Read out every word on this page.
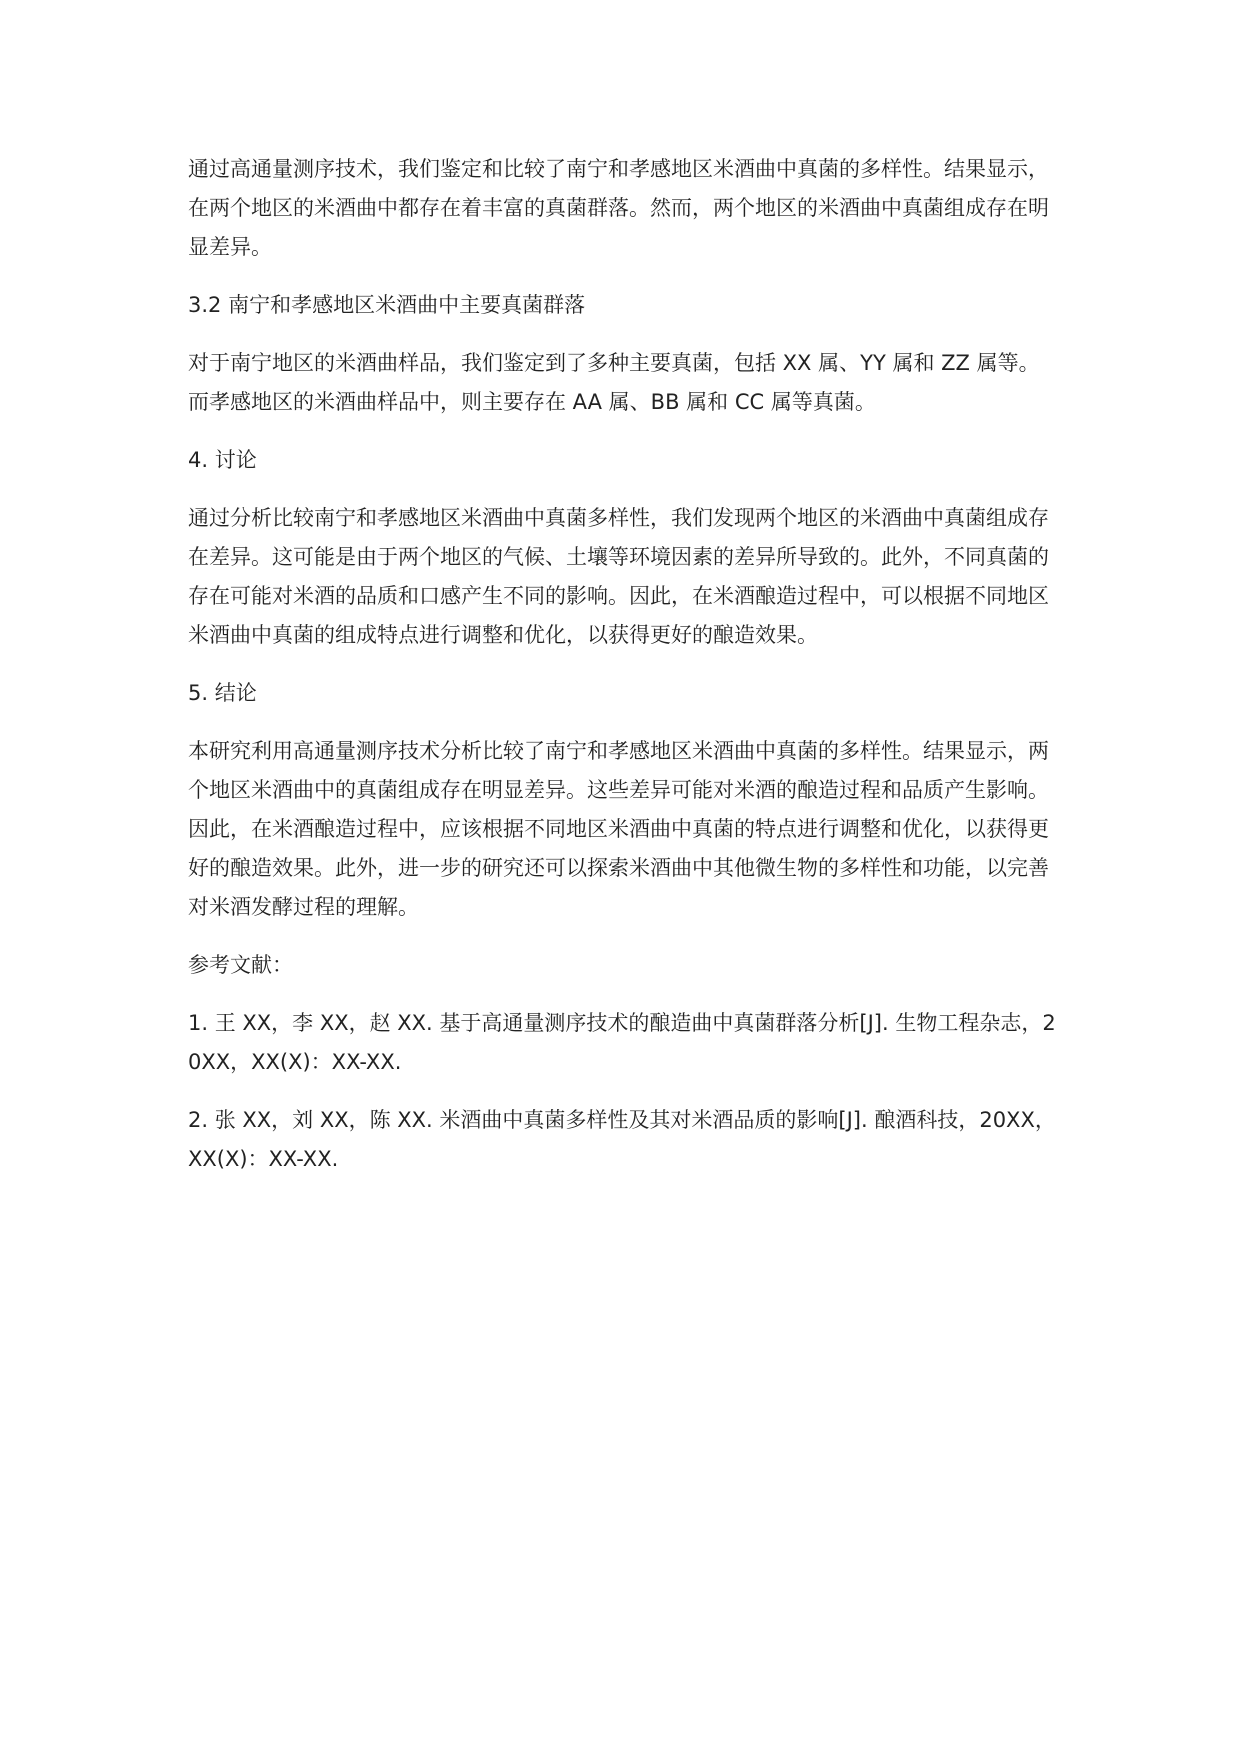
通过高通量测序技术，我们鉴定和比较了南宁和孝感地区米酒曲中真菌的多样性。结果显示，在两个地区的米酒曲中都存在着丰富的真菌群落。然而，两个地区的米酒曲中真菌组成存在明显差异。

3.2 南宁和孝感地区米酒曲中主要真菌群落

对于南宁地区的米酒曲样品，我们鉴定到了多种主要真菌，包括 XX 属、YY 属和 ZZ 属等。而孝感地区的米酒曲样品中，则主要存在 AA 属、BB 属和 CC 属等真菌。

4. 讨论

通过分析比较南宁和孝感地区米酒曲中真菌多样性，我们发现两个地区的米酒曲中真菌组成存在差异。这可能是由于两个地区的气候、土壤等环境因素的差异所导致的。此外，不同真菌的存在可能对米酒的品质和口感产生不同的影响。因此，在米酒酿造过程中，可以根据不同地区米酒曲中真菌的组成特点进行调整和优化，以获得更好的酿造效果。

5. 结论

本研究利用高通量测序技术分析比较了南宁和孝感地区米酒曲中真菌的多样性。结果显示，两个地区米酒曲中的真菌组成存在明显差异。这些差异可能对米酒的酿造过程和品质产生影响。因此，在米酒酿造过程中，应该根据不同地区米酒曲中真菌的特点进行调整和优化，以获得更好的酿造效果。此外，进一步的研究还可以探索米酒曲中其他微生物的多样性和功能，以完善对米酒发酵过程的理解。

参考文献：

1. 王 XX，李 XX，赵 XX. 基于高通量测序技术的酿造曲中真菌群落分析[J]. 生物工程杂志，20XX，XX(X)：XX-XX.

2. 张 XX，刘 XX，陈 XX. 米酒曲中真菌多样性及其对米酒品质的影响[J]. 酿酒科技，20XX，XX(X)：XX-XX.
